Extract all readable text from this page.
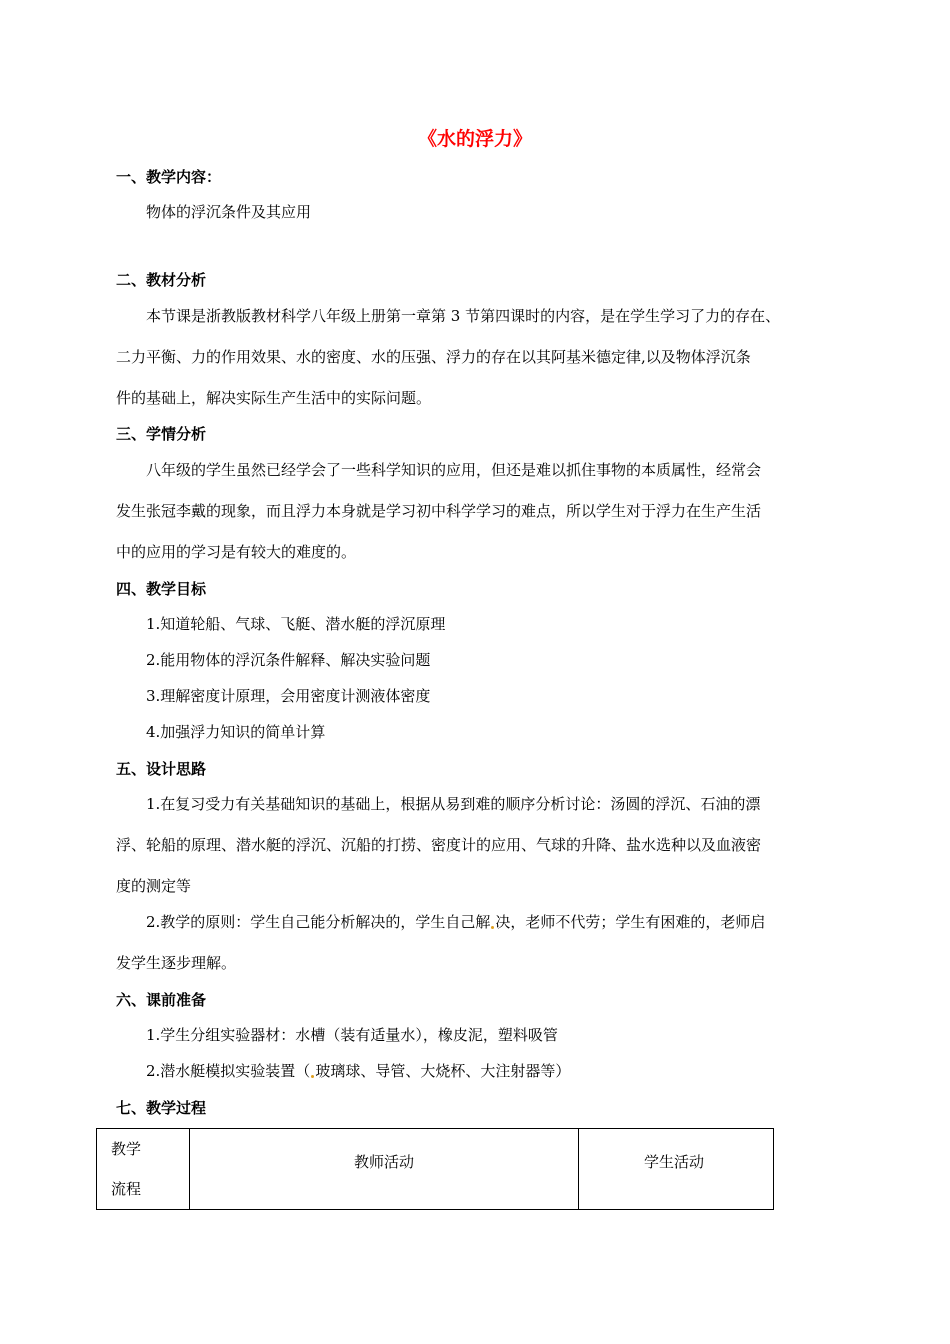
《水的浮力》
一、教学内容：
物体的浮沉条件及其应用
二、教材分析
本节课是浙教版教材科学八年级上册第一章第 3 节第四课时的内容，是在学生学习了力的存在、
二力平衡、力的作用效果、水的密度、水的压强、浮力的存在以其阿基米德定律,以及物体浮沉条
件的基础上，解决实际生产生活中的实际问题。
三、学情分析
八年级的学生虽然已经学会了一些科学知识的应用，但还是难以抓住事物的本质属性，经常会
发生张冠李戴的现象，而且浮力本身就是学习初中科学学习的难点，所以学生对于浮力在生产生活
中的应用的学习是有较大的难度的。
四、教学目标
1.知道轮船、气球、飞艇、潜水艇的浮沉原理
2.能用物体的浮沉条件解释、解决实验问题
3.理解密度计原理，会用密度计测液体密度
4.加强浮力知识的简单计算
五、设计思路
1.在复习受力有关基础知识的基础上，根据从易到难的顺序分析讨论：汤圆的浮沉、石油的漂
浮、轮船的原理、潜水艇的浮沉、沉船的打捞、密度计的应用、气球的升降、盐水选种以及血液密
度的测定等
2.教学的原则：学生自己能分析解决的，学生自己解 决，老师不代劳；学生有困难的，老师启
发学生逐步理解。
六、课前准备
1.学生分组实验器材：水槽（装有适量水），橡皮泥，塑料吸管
2.潜水艇模拟实验装置（ 玻璃球、导管、大烧杯、大注射器等）
七、教学过程
教学
流程
	教师活动	学生活动
